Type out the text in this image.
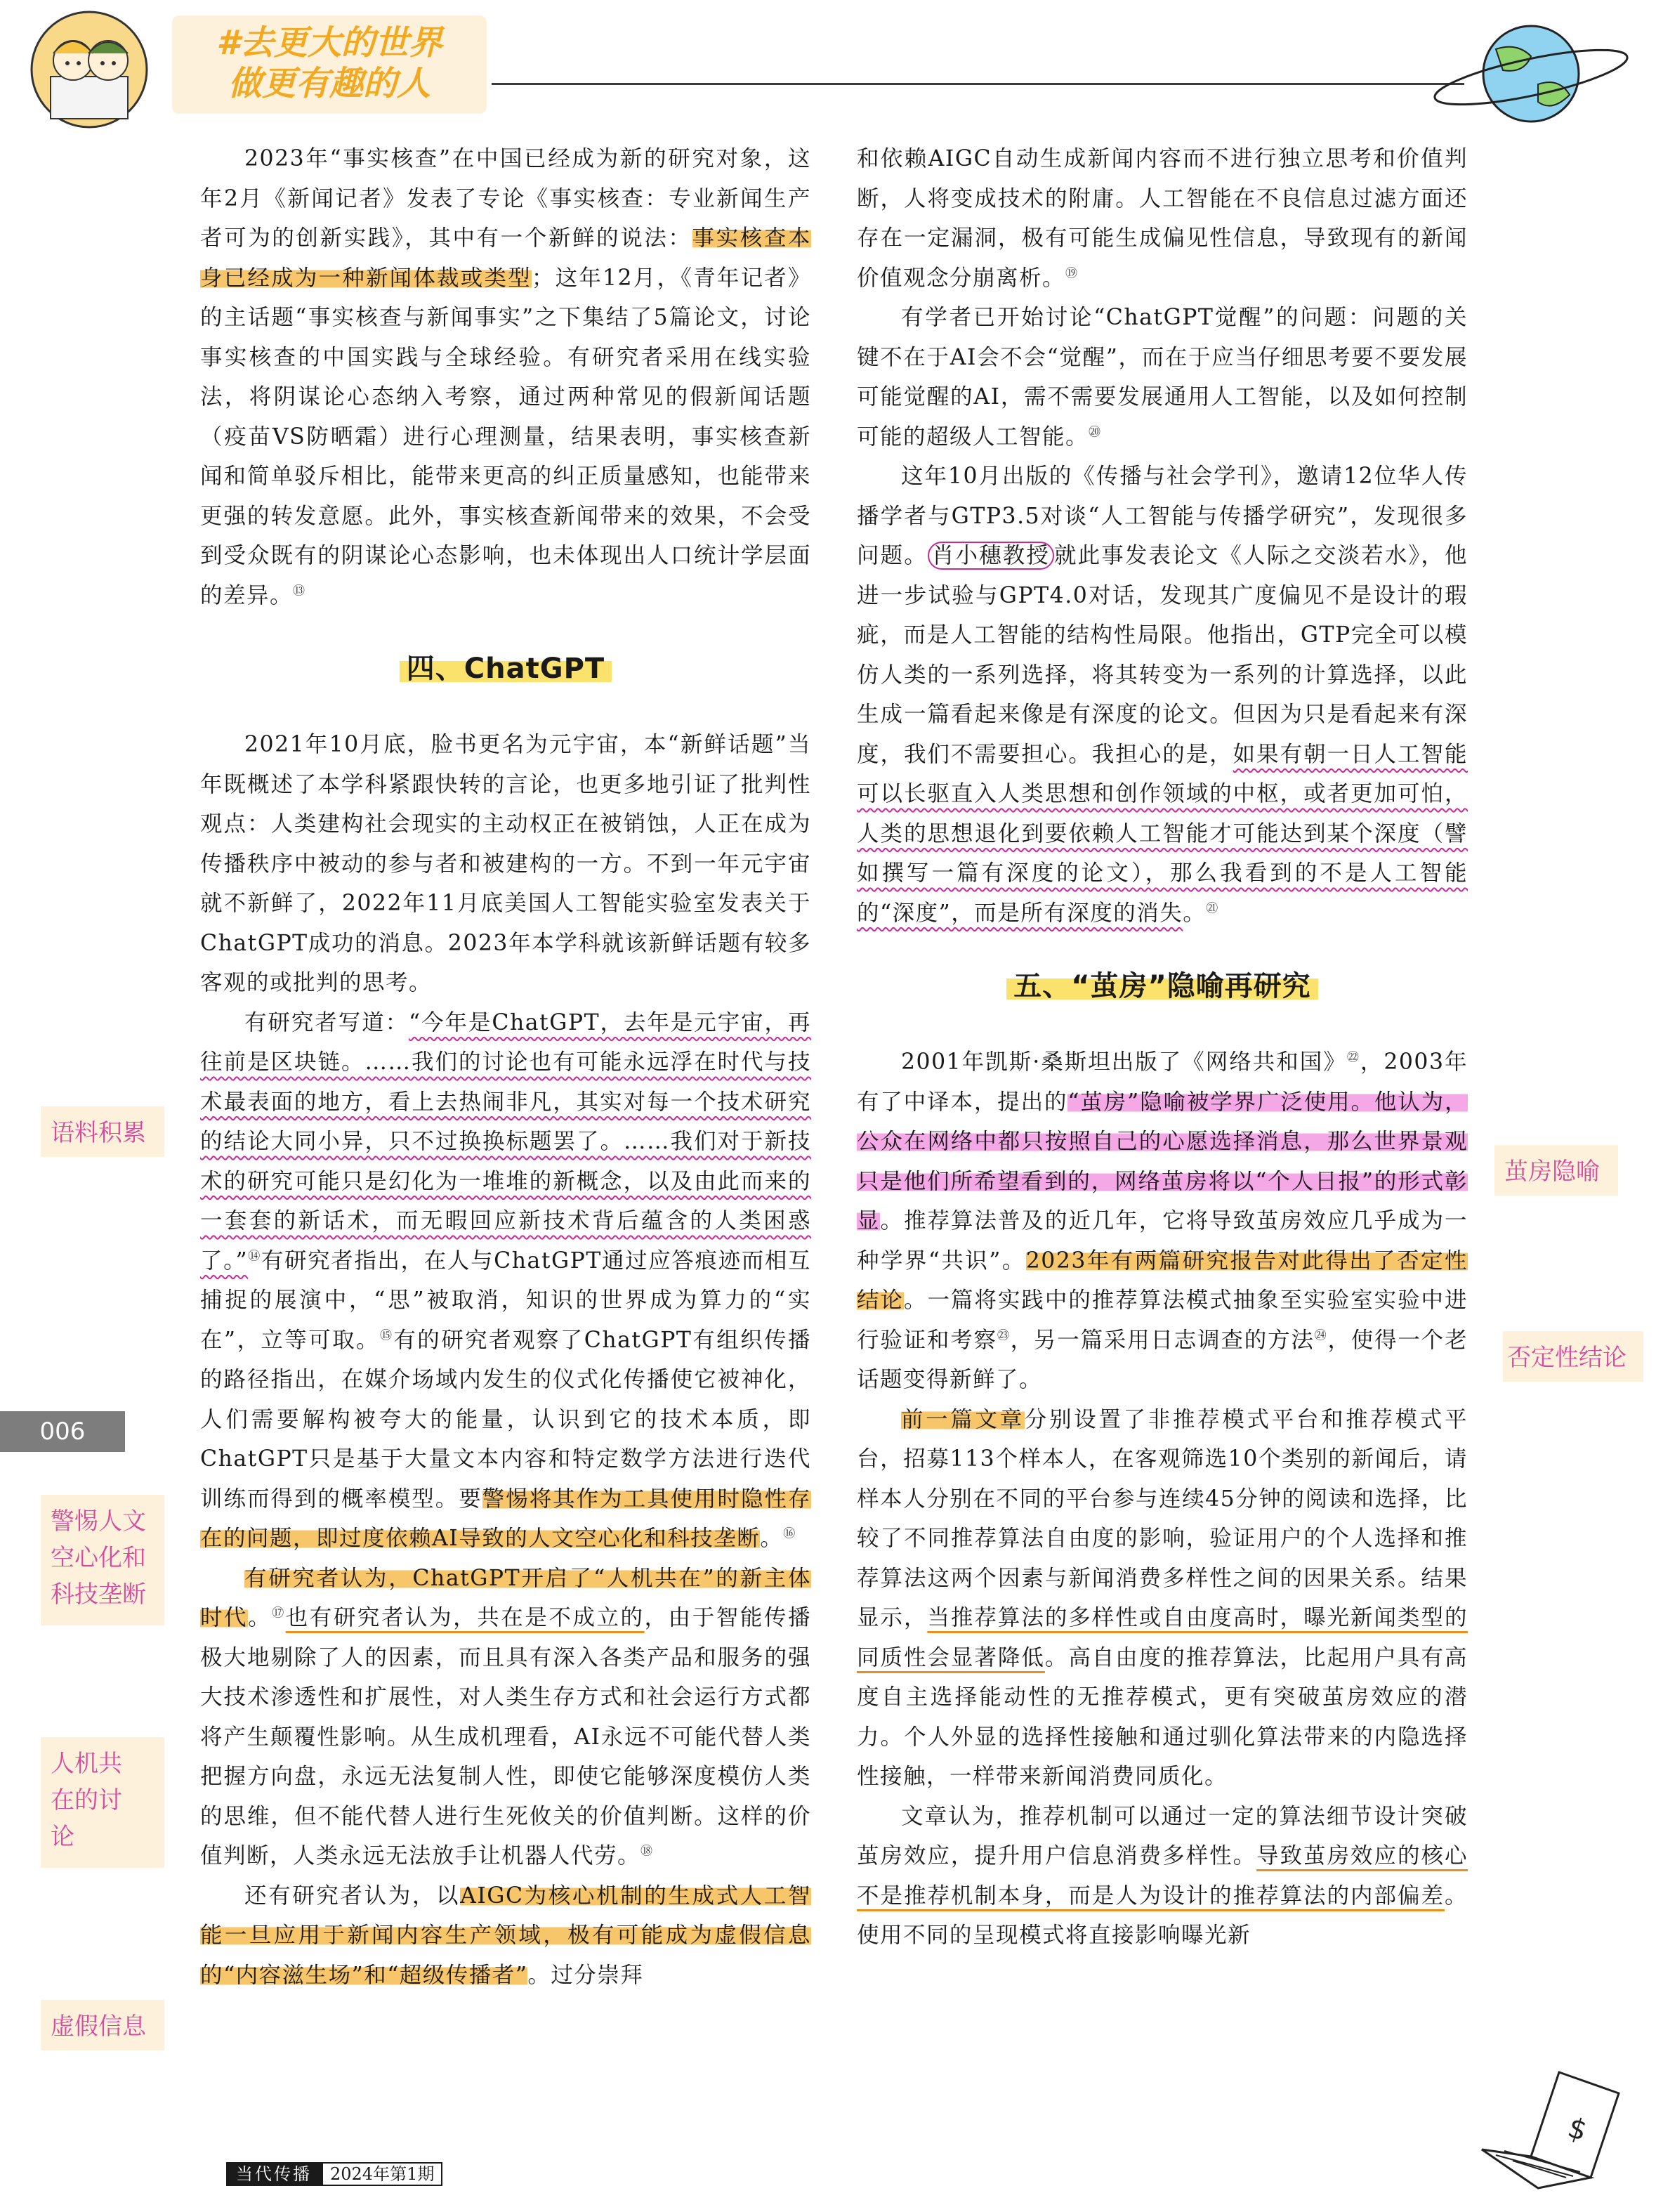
#去更大的世界
做更有趣的人
语料积累
006
警惕人文
空心化和
科技垄断
人机共
在的讨
论
虚假信息
茧房隐喻
否定性结论

2023年“事实核查”在中国已经成为新的研究对象，这年2月《新闻记者》发表了专论《事实核查：专业新闻生产者可为的创新实践》，其中有一个新鲜的说法：事实核查本身已经成为一种新闻体裁或类型；这年12月，《青年记者》的主话题“事实核查与新闻事实”之下集结了5篇论文，讨论事实核查的中国实践与全球经验。有研究者采用在线实验法，将阴谋论心态纳入考察，通过两种常见的假新闻话题（疫苗VS防晒霜）进行心理测量，结果表明，事实核查新闻和简单驳斥相比，能带来更高的纠正质量感知，也能带来更强的转发意愿。此外，事实核查新闻带来的效果，不会受到受众既有的阴谋论心态影响，也未体现出人口统计学层面的差异。⑬

四、ChatGPT

2021年10月底，脸书更名为元宇宙，本“新鲜话题”当年既概述了本学科紧跟快转的言论，也更多地引证了批判性观点：人类建构社会现实的主动权正在被销蚀，人正在成为传播秩序中被动的参与者和被建构的一方。不到一年元宇宙就不新鲜了，2022年11月底美国人工智能实验室发表关于ChatGPT成功的消息。2023年本学科就该新鲜话题有较多客观的或批判的思考。

有研究者写道：“今年是ChatGPT，去年是元宇宙，再往前是区块链。……我们的讨论也有可能永远浮在时代与技术最表面的地方，看上去热闹非凡，其实对每一个技术研究的结论大同小异，只不过换换标题罢了。……我们对于新技术的研究可能只是幻化为一堆堆的新概念，以及由此而来的一套套的新话术，而无暇回应新技术背后蕴含的人类困惑了。”⑭有研究者指出，在人与ChatGPT通过应答痕迹而相互捕捉的展演中，“思”被取消，知识的世界成为算力的“实在”，立等可取。⑮有的研究者观察了ChatGPT有组织传播的路径指出，在媒介场域内发生的仪式化传播使它被神化，人们需要解构被夸大的能量，认识到它的技术本质，即ChatGPT只是基于大量文本内容和特定数学方法进行迭代训练而得到的概率模型。要警惕将其作为工具使用时隐性存在的问题，即过度依赖AI导致的人文空心化和科技垄断。⑯

有研究者认为，ChatGPT开启了“人机共在”的新主体时代。⑰也有研究者认为，共在是不成立的，由于智能传播极大地剔除了人的因素，而且具有深入各类产品和服务的强大技术渗透性和扩展性，对人类生存方式和社会运行方式都将产生颠覆性影响。从生成机理看，AI永远不可能代替人类把握方向盘，永远无法复制人性，即使它能够深度模仿人类的思维，但不能代替人进行生死攸关的价值判断。这样的价值判断，人类永远无法放手让机器人代劳。⑱

还有研究者认为，以AIGC为核心机制的生成式人工智能一旦应用于新闻内容生产领域，极有可能成为虚假信息的“内容滋生场”和“超级传播者”。过分崇拜

和依赖AIGC自动生成新闻内容而不进行独立思考和价值判断，人将变成技术的附庸。人工智能在不良信息过滤方面还存在一定漏洞，极有可能生成偏见性信息，导致现有的新闻价值观念分崩离析。⑲

有学者已开始讨论“ChatGPT觉醒”的问题：问题的关键不在于AI会不会“觉醒”，而在于应当仔细思考要不要发展可能觉醒的AI，需不需要发展通用人工智能，以及如何控制可能的超级人工智能。⑳

这年10月出版的《传播与社会学刊》，邀请12位华人传播学者与GTP3.5对谈“人工智能与传播学研究”，发现很多问题。 肖小穗教授 就此事发表论文《人际之交淡若水》，他进一步试验与GPT4.0对话，发现其广度偏见不是设计的瑕疵，而是人工智能的结构性局限。他指出，GTP完全可以模仿人类的一系列选择，将其转变为一系列的计算选择，以此生成一篇看起来像是有深度的论文。但因为只是看起来有深度，我们不需要担心。我担心的是，如果有朝一日人工智能可以长驱直入人类思想和创作领域的中枢，或者更加可怕，人类的思想退化到要依赖人工智能才可能达到某个深度（譬如撰写一篇有深度的论文），那么我看到的不是人工智能的“深度”，而是所有深度的消失。$^㉑$

五、“茧房”隐喻再研究

2001年凯斯·桑斯坦出版了《网络共和国》$^㉒$，2003年有了中译本，提出的“茧房”隐喻被学界广泛使用。他认为，公众在网络中都只按照自己的心愿选择消息，那么世界景观只是他们所希望看到的，网络茧房将以“个人日报”的形式彰显。推荐算法普及的近几年，它将导致茧房效应几乎成为一种学界“共识”。2023年有两篇研究报告对此得出了否定性结论。一篇将实践中的推荐算法模式抽象至实验室实验中进行验证和考察$^㉓$，另一篇采用日志调查的方法$^㉔$，使得一个老话题变得新鲜了。

前一篇文章分别设置了非推荐模式平台和推荐模式平台，招募113个样本人，在客观筛选10个类别的新闻后，请样本人分别在不同的平台参与连续45分钟的阅读和选择，比较了不同推荐算法自由度的影响，验证用户的个人选择和推荐算法这两个因素与新闻消费多样性之间的因果关系。结果显示，当推荐算法的多样性或自由度高时，曝光新闻类型的同质性会显著降低。高自由度的推荐算法，比起用户具有高度自主选择能动性的无推荐模式，更有突破茧房效应的潜力。个人外显的选择性接触和通过驯化算法带来的内隐选择性接触，一样带来新闻消费同质化。

文章认为，推荐机制可以通过一定的算法细节设计突破茧房效应，提升用户信息消费多样性。导致茧房效应的核心不是推荐机制本身，而是人为设计的推荐算法的内部偏差。使用不同的呈现模式将直接影响曝光新

当代传播	2024年第1期
$
